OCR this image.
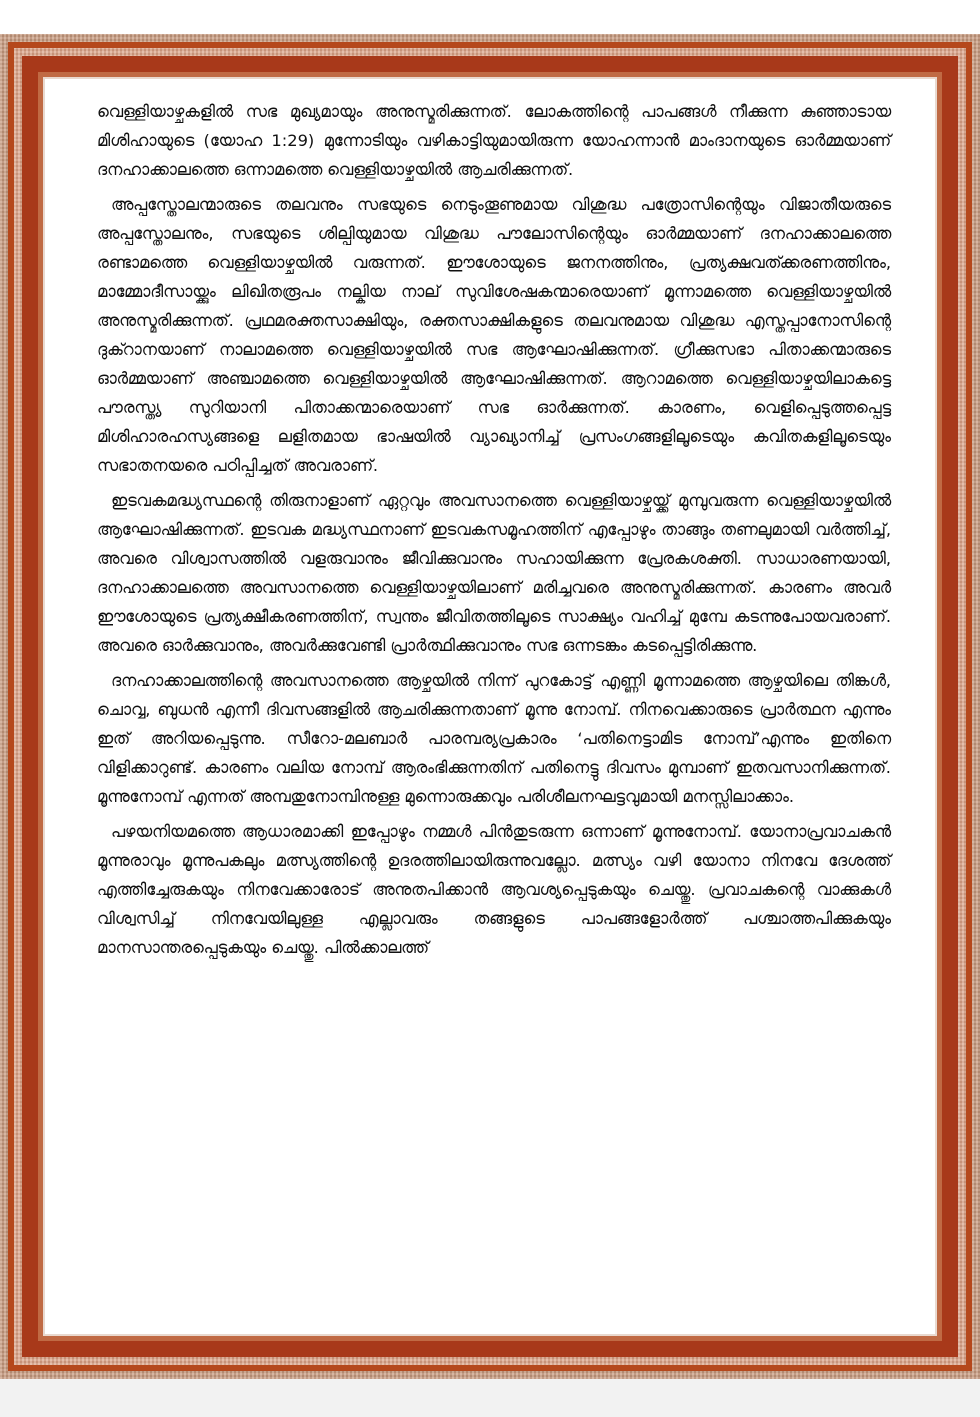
വെള്ളിയാഴ്ചകളിൽ സഭ മുഖ്യമായും അനുസ്മരിക്കുന്നത്. ലോകത്തിന്റെ പാപങ്ങൾ നീക്കുന്ന കുഞ്ഞാടായ മിശിഹായുടെ (യോഹ 1:29) മുന്നോടിയും വഴികാട്ടിയുമായിരുന്ന യോഹന്നാൻ മാംദാനയുടെ ഓർമ്മയാണ് ദനഹാക്കാലത്തെ ഒന്നാമത്തെ വെള്ളിയാഴ്ചയിൽ ആചരിക്കുന്നത്.

അപ്പസ്തോലന്മാരുടെ തലവനും സഭയുടെ നെടുംതൂണുമായ വിശുദ്ധ പത്രോസിന്റെയും വിജാതീയരുടെ അപ്പസ്തോലനും, സഭയുടെ ശില്പിയുമായ വിശുദ്ധ പൗലോസിന്റെയും ഓർമ്മയാണ് ദനഹാക്കാലത്തെ രണ്ടാമത്തെ വെള്ളിയാഴ്ചയിൽ വരുന്നത്. ഈശോയുടെ ജനനത്തിനും, പ്രത്യക്ഷവത്ക്കരണത്തിനും, മാമ്മോദീസായ്ക്കും ലിഖിതരൂപം നല്കിയ നാല് സുവിശേഷകന്മാരെയാണ് മൂന്നാമത്തെ വെള്ളിയാഴ്ചയിൽ അനുസ്മരിക്കുന്നത്. പ്രഥമരക്തസാക്ഷിയും, രക്തസാക്ഷികളുടെ തലവനുമായ വിശുദ്ധ എസ്തപ്പാനോസിന്റെ ദുക്റാനയാണ് നാലാമത്തെ വെള്ളിയാഴ്ചയിൽ സഭ ആഘോഷിക്കുന്നത്. ഗ്രീക്കുസഭാ പിതാക്കന്മാരുടെ ഓർമ്മയാണ് അഞ്ചാമത്തെ വെള്ളിയാഴ്ചയിൽ ആഘോഷിക്കുന്നത്. ആറാമത്തെ വെള്ളിയാഴ്ചയിലാകട്ടെ പൗരസ്ത്യ സുറിയാനി പിതാക്കന്മാരെയാണ് സഭ ഓർക്കുന്നത്. കാരണം, വെളിപ്പെടുത്തപ്പെട്ട മിശിഹാരഹസ്യങ്ങളെ ലളിതമായ ഭാഷയിൽ വ്യാഖ്യാനിച്ച് പ്രസംഗങ്ങളിലൂടെയും കവിതകളിലൂടെയും സഭാതനയരെ പഠിപ്പിച്ചത് അവരാണ്.

ഇടവകമദ്ധ്യസ്ഥന്റെ തിരുനാളാണ് ഏറ്റവും അവസാനത്തെ വെള്ളിയാഴ്ചയ്ക്ക് മുമ്പുവരുന്ന വെള്ളിയാഴ്ചയിൽ ആഘോഷിക്കുന്നത്. ഇടവക മദ്ധ്യസ്ഥനാണ് ഇടവകസമൂഹത്തിന് എപ്പോഴും താങ്ങും തണലുമായി വർത്തിച്ച്, അവരെ വിശ്വാസത്തിൽ വളരുവാനും ജീവിക്കുവാനും സഹായിക്കുന്ന പ്രേരകശക്തി. സാധാരണയായി, ദനഹാക്കാലത്തെ അവസാനത്തെ വെള്ളിയാഴ്ചയിലാണ് മരിച്ചവരെ അനുസ്മരിക്കുന്നത്. കാരണം അവർ ഈശോയുടെ പ്രത്യക്ഷീകരണത്തിന്, സ്വന്തം ജീവിതത്തിലൂടെ സാക്ഷ്യം വഹിച്ച് മുമ്പേ കടന്നുപോയവരാണ്. അവരെ ഓർക്കുവാനും, അവർക്കുവേണ്ടി പ്രാർത്ഥിക്കുവാനും സഭ ഒന്നടങ്കം കടപ്പെട്ടിരിക്കുന്നു.

ദനഹാക്കാലത്തിന്റെ അവസാനത്തെ ആഴ്ചയിൽ നിന്ന് പുറകോട്ട് എണ്ണി മൂന്നാമത്തെ ആഴ്ചയിലെ തിങ്കൾ, ചൊവ്വ, ബുധൻ എന്നീ ദിവസങ്ങളിൽ ആചരിക്കുന്നതാണ് മൂന്നു നോമ്പ്. നിനവെക്കാരുടെ പ്രാർത്ഥന എന്നും ഇത് അറിയപ്പെടുന്നു. സീറോ-മലബാർ പാരമ്പര്യപ്രകാരം ‘പതിനെട്ടാമിട നോമ്പ്’എന്നും ഇതിനെ വിളിക്കാറുണ്ട്. കാരണം വലിയ നോമ്പ് ആരംഭിക്കുന്നതിന് പതിനെട്ടു ദിവസം മുമ്പാണ് ഇതവസാനിക്കുന്നത്. മൂന്നുനോമ്പ് എന്നത് അമ്പതുനോമ്പിനുള്ള മുന്നൊരുക്കവും പരിശീലനഘട്ടവുമായി മനസ്സിലാക്കാം.

പഴയനിയമത്തെ ആധാരമാക്കി ഇപ്പോഴും നമ്മൾ പിൻതുടരുന്ന ഒന്നാണ് മൂന്നുനോമ്പ്. യോനാപ്രവാചകൻ മൂന്നുരാവും മൂന്നുപകലും മത്സ്യത്തിന്റെ ഉദരത്തിലായിരുന്നുവല്ലോ. മത്സ്യം വഴി യോനാ നിനവേ ദേശത്ത് എത്തിച്ചേരുകയും നിനവേക്കാരോട് അനുതപിക്കാൻ ആവശ്യപ്പെടുകയും ചെയ്തു. പ്രവാചകന്റെ വാക്കുകൾ വിശ്വസിച്ച് നിനവേയിലുള്ള എല്ലാവരും തങ്ങളുടെ പാപങ്ങളോർത്ത് പശ്ചാത്തപിക്കുകയും മാനസാന്തരപ്പെടുകയും ചെയ്തു. പിൽക്കാലത്ത്
